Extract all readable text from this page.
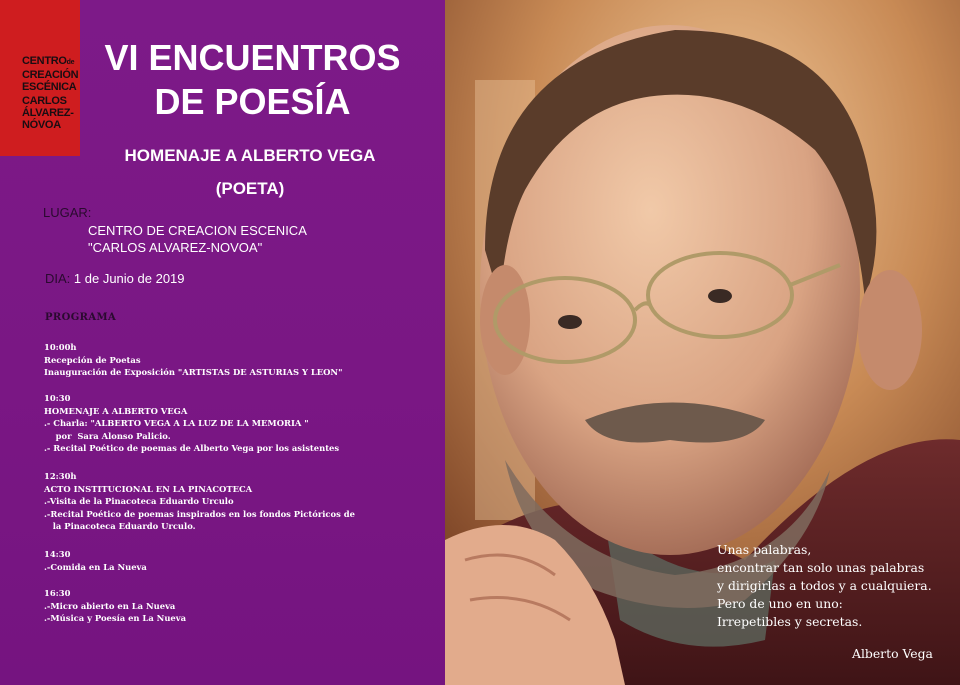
CENTROde
CREACIÓN
ESCÉNICA
CARLOS
ÁLVAREZ-
NÓVOA
VI ENCUENTROS
DE POESÍA
HOMENAJE A ALBERTO VEGA
(POETA)
LUGAR:
CENTRO DE CREACION ESCENICA
"CARLOS ALVAREZ-NOVOA"
DIA: 1 de Junio de 2019
PROGRAMA
10:00h
Recepción de Poetas
Inauguración de Exposición "ARTISTAS DE ASTURIAS Y LEON"
10:30
HOMENAJE A ALBERTO VEGA
.- Charla: "ALBERTO VEGA A LA LUZ DE LA MEMORIA "
por  Sara Alonso Palicio.
.- Recital Poético de poemas de Alberto Vega por los asistentes
12:30h
ACTO INSTITUCIONAL EN LA PINACOTECA
.-Visita de la Pinacoteca Eduardo Urculo
.-Recital Poético de poemas inspirados en los fondos Pictóricos de
la Pinacoteca Eduardo Urculo.
14:30
.-Comida en La Nueva
16:30
.-Micro abierto en La Nueva
.-Música y Poesía en La Nueva
Unas palabras,
encontrar tan solo unas palabras
y dirigirlas a todos y a cualquiera.
Pero de uno en uno:
Irrepetibles y secretas.
Alberto Vega
